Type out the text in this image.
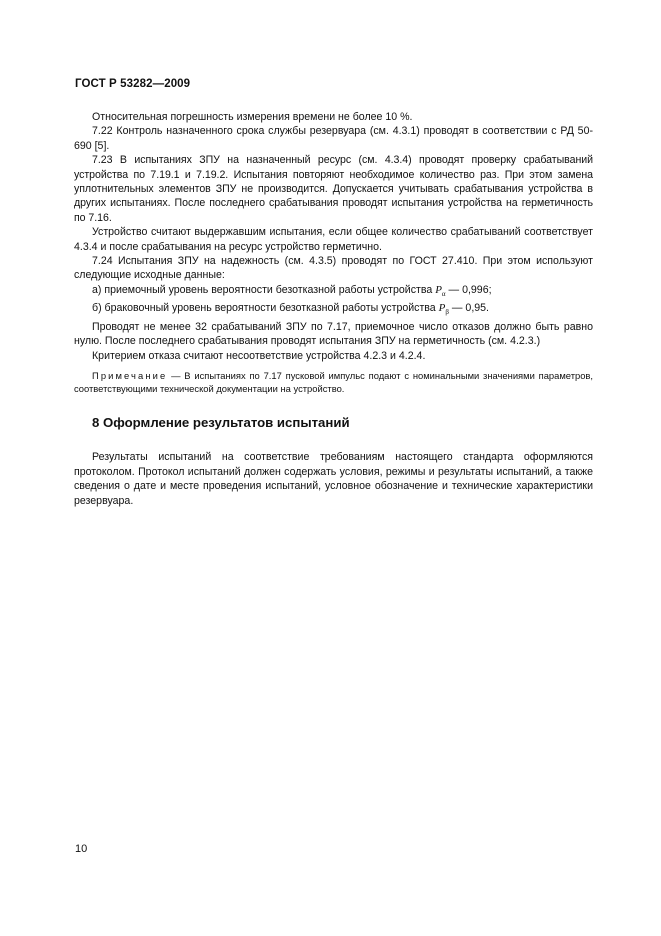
ГОСТ Р 53282—2009

Относительная погрешность измерения времени не более 10 %.

7.22 Контроль назначенного срока службы резервуара (см. 4.3.1) проводят в соответствии с РД 50-690 [5].

7.23 В испытаниях ЗПУ на назначенный ресурс (см. 4.3.4) проводят проверку срабатываний устройства по 7.19.1 и 7.19.2. Испытания повторяют необходимое количество раз. При этом замена уплотнительных элементов ЗПУ не производится. Допускается учитывать срабатывания устройства в других испытаниях. После последнего срабатывания проводят испытания устройства на герметичность по 7.16.

Устройство считают выдержавшим испытания, если общее количество срабатываний соответствует 4.3.4 и после срабатывания на ресурс устройство герметично.

7.24 Испытания ЗПУ на надежность (см. 4.3.5) проводят по ГОСТ 27.410. При этом используют следующие исходные данные:

а) приемочный уровень вероятности безотказной работы устройства $P_\alpha$ — 0,996;

б) браковочный уровень вероятности безотказной работы устройства $P_\beta$ — 0,95.

Проводят не менее 32 срабатываний ЗПУ по 7.17, приемочное число отказов должно быть равно нулю. После последнего срабатывания проводят испытания ЗПУ на герметичность (см. 4.2.3.)

Критерием отказа считают несоответствие устройства 4.2.3 и 4.2.4.

Примечание — В испытаниях по 7.17 пусковой импульс подают с номинальными значениями параметров, соответствующими технической документации на устройство.

8 Оформление результатов испытаний

Результаты испытаний на соответствие требованиям настоящего стандарта оформляются протоколом. Протокол испытаний должен содержать условия, режимы и результаты испытаний, а также сведения о дате и месте проведения испытаний, условное обозначение и технические характеристики резервуара.

10
